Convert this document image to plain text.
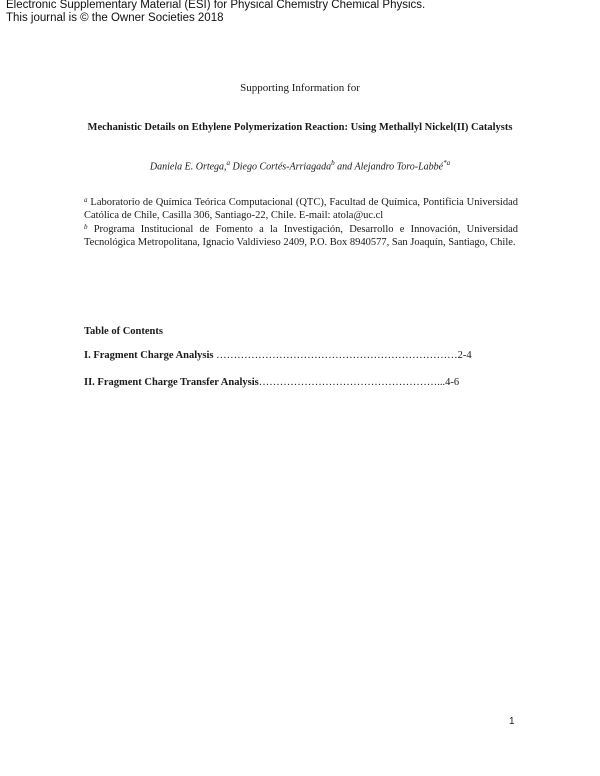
Electronic Supplementary Material (ESI) for Physical Chemistry Chemical Physics.
This journal is © the Owner Societies 2018
Supporting Information for
Mechanistic Details on Ethylene Polymerization Reaction: Using Methallyl Nickel(II) Catalysts
Daniela E. Ortega,$^a$ Diego Cortés-Arriagada$^b$ and Alejandro Toro-Labbé$^{*a}$

$^a$ Laboratorio de Química Teórica Computacional (QTC), Facultad de Química, Pontificia Universidad Católica de Chile, Casilla 306, Santiago-22, Chile. E-mail: atola@uc.cl

$^b$ Programa Institucional de Fomento a la Investigación, Desarrollo e Innovación, Universidad Tecnológica Metropolitana, Ignacio Valdivieso 2409, P.O. Box 8940577, San Joaquín, Santiago, Chile.

Table of Contents
I. Fragment Charge Analysis ……………………………………………………………2-4
II. Fragment Charge Transfer Analysis……………………………………………...4-6
1
